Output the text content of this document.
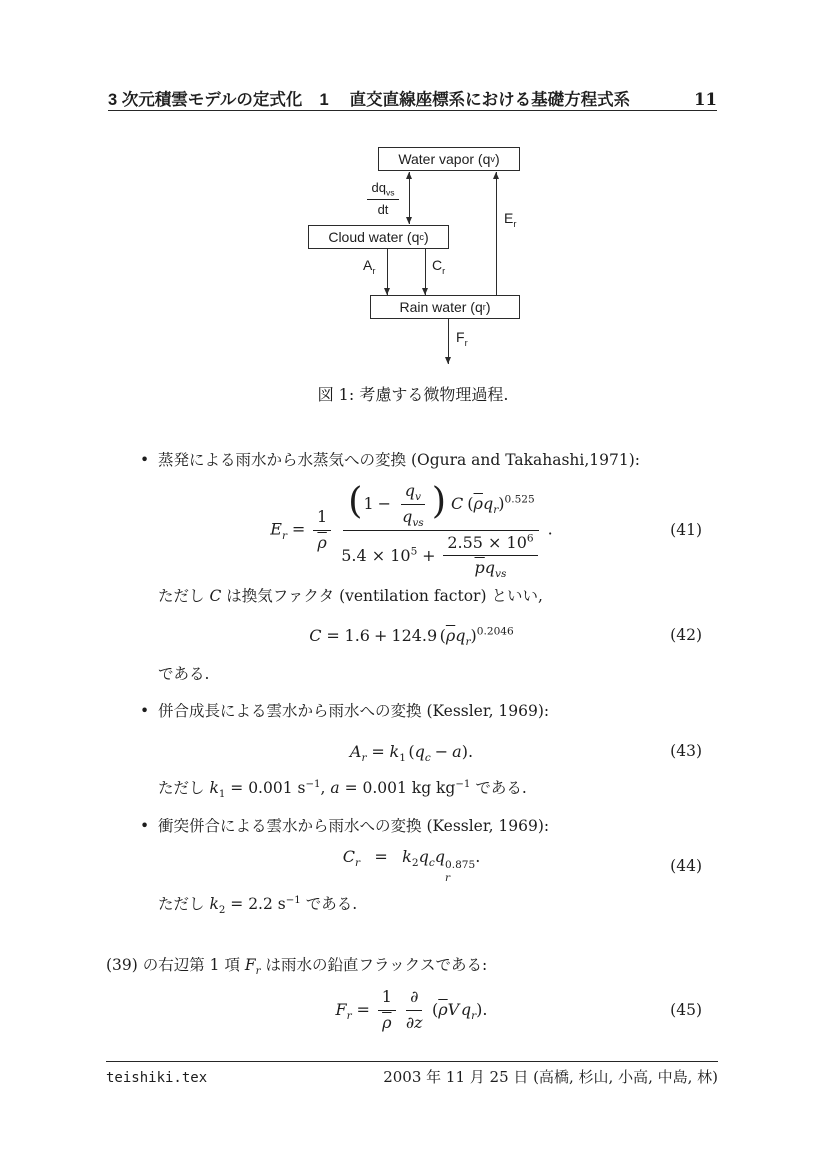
3 次元積雲モデルの定式化 1 直交直線座標系における基礎方程式系	11
Water vapor (q v )
Cloud water (q c )
Rain water (q r )
$\frac{dq_{vs}}{dt}$	$E_r$
$A_r$	$C_r$
$F_r$
図 1: 考慮する微物理過程.
• 蒸発による雨水から水蒸気への変換 (Ogura and Takahashi,1971):
$E_r = \frac{1}{\rho} \frac{(1 - \frac{q_v}{q_{vs}} ) C (\overline{\rho}q_r)^{0.525}}{5.4 \times 10^5 + \frac{2.55 \times 10^6}{\overline{p}q_{vs}}}$ .	(41)
ただし C は換気ファクタ (ventilation factor) といい,
C = 1.6 + 124.9 $(\overline{\rho}q_r)^{0.2046}$	(42)
である.
• 併合成長による雲水から雨水への変換 (Kessler, 1969):
$A_r = k_1$ $(q_c - a)$.	(43)
ただし $k_1 = 0.001$ $s^{-1}$, a = 0.001 kg $kg^{-1}$ である.
• 衝突併合による雲水から雨水への変換 (Kessler, 1969):
$C_r = k_2q_cq$ 0.875
r
.	(44)
ただし $k_2 = 2.2$ $s^{-1}$ である.
(39) の右辺第 1 項 $F_r$ は雨水の鉛直フラックスである:
$F_r = \frac{1}{\rho} \frac{\partial}{\partial z} (\overline{\rho}Vq_r)$.	(45)
teishiki.tex	2003 年 11 月 25 日 (高橋, 杉山, 小高, 中島, 林)
